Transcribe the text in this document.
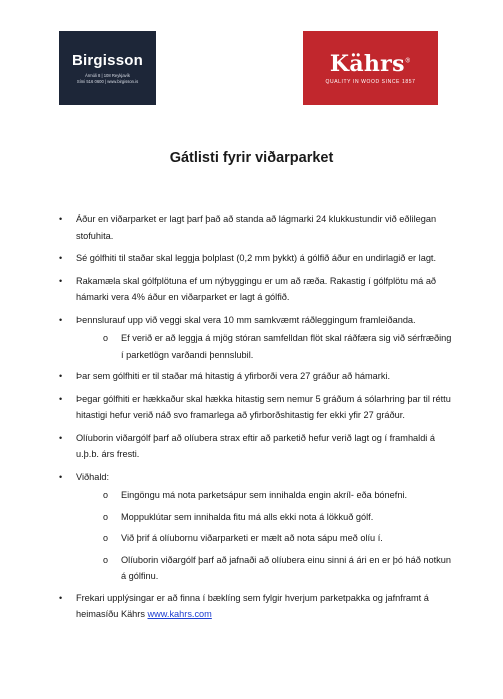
Birgisson
Ármúli 8 | 108 Reykjavík
Sími 516 0600 | www.birgisson.is
Kährs®
QUALITY IN WOOD SINCE 1857
Gátlisti fyrir viðarparket
• Áður en viðarparket er lagt þarf það að standa að lágmarki 24 klukkustundir við eðlilegan stofuhita.
• Sé gólfhiti til staðar skal leggja þolplast (0,2 mm þykkt) á gólfið áður en undirlagið er lagt.
• Rakamæla skal gólfplötuna ef um nýbyggingu er um að ræða. Rakastig í gólfplötu má að hámarki vera 4% áður en viðarparket er lagt á gólfið.
• Þennslurauf upp við veggi skal vera 10 mm samkvæmt ráðleggingum framleiðanda.
o Ef verið er að leggja á mjög stóran samfelldan flöt skal ráðfæra sig við sérfræðing í parketlögn varðandi þennslubil.
• Þar sem gólfhiti er til staðar má hitastig á yfirborði vera 27 gráður að hámarki.
• Þegar gólfhiti er hækkaður skal hækka hitastig sem nemur 5 gráðum á sólarhring þar til réttu hitastigi hefur verið náð svo framarlega að yfirborðshitastig fer ekki yfir 27 gráður.
• Olíuborin viðargólf þarf að olíubera strax eftir að parketið hefur verið lagt og í framhaldi á u.þ.b. árs fresti.
• Viðhald:
o Eingöngu má nota parketsápur sem innihalda engin akríl- eða bónefni.
o Moppuklútar sem innihalda fitu má alls ekki nota á lökkuð gólf.
o Við þrif á olíubornu viðarparketi er mælt að nota sápu með olíu í.
o Olíuborin viðargólf þarf að jafnaði að olíubera einu sinni á ári en er þó háð notkun á gólfinu.
• Frekari upplýsingar er að finna í bæklíng sem fylgir hverjum parketpakka og jafnframt á heimasíðu Kährs www.kahrs.com
